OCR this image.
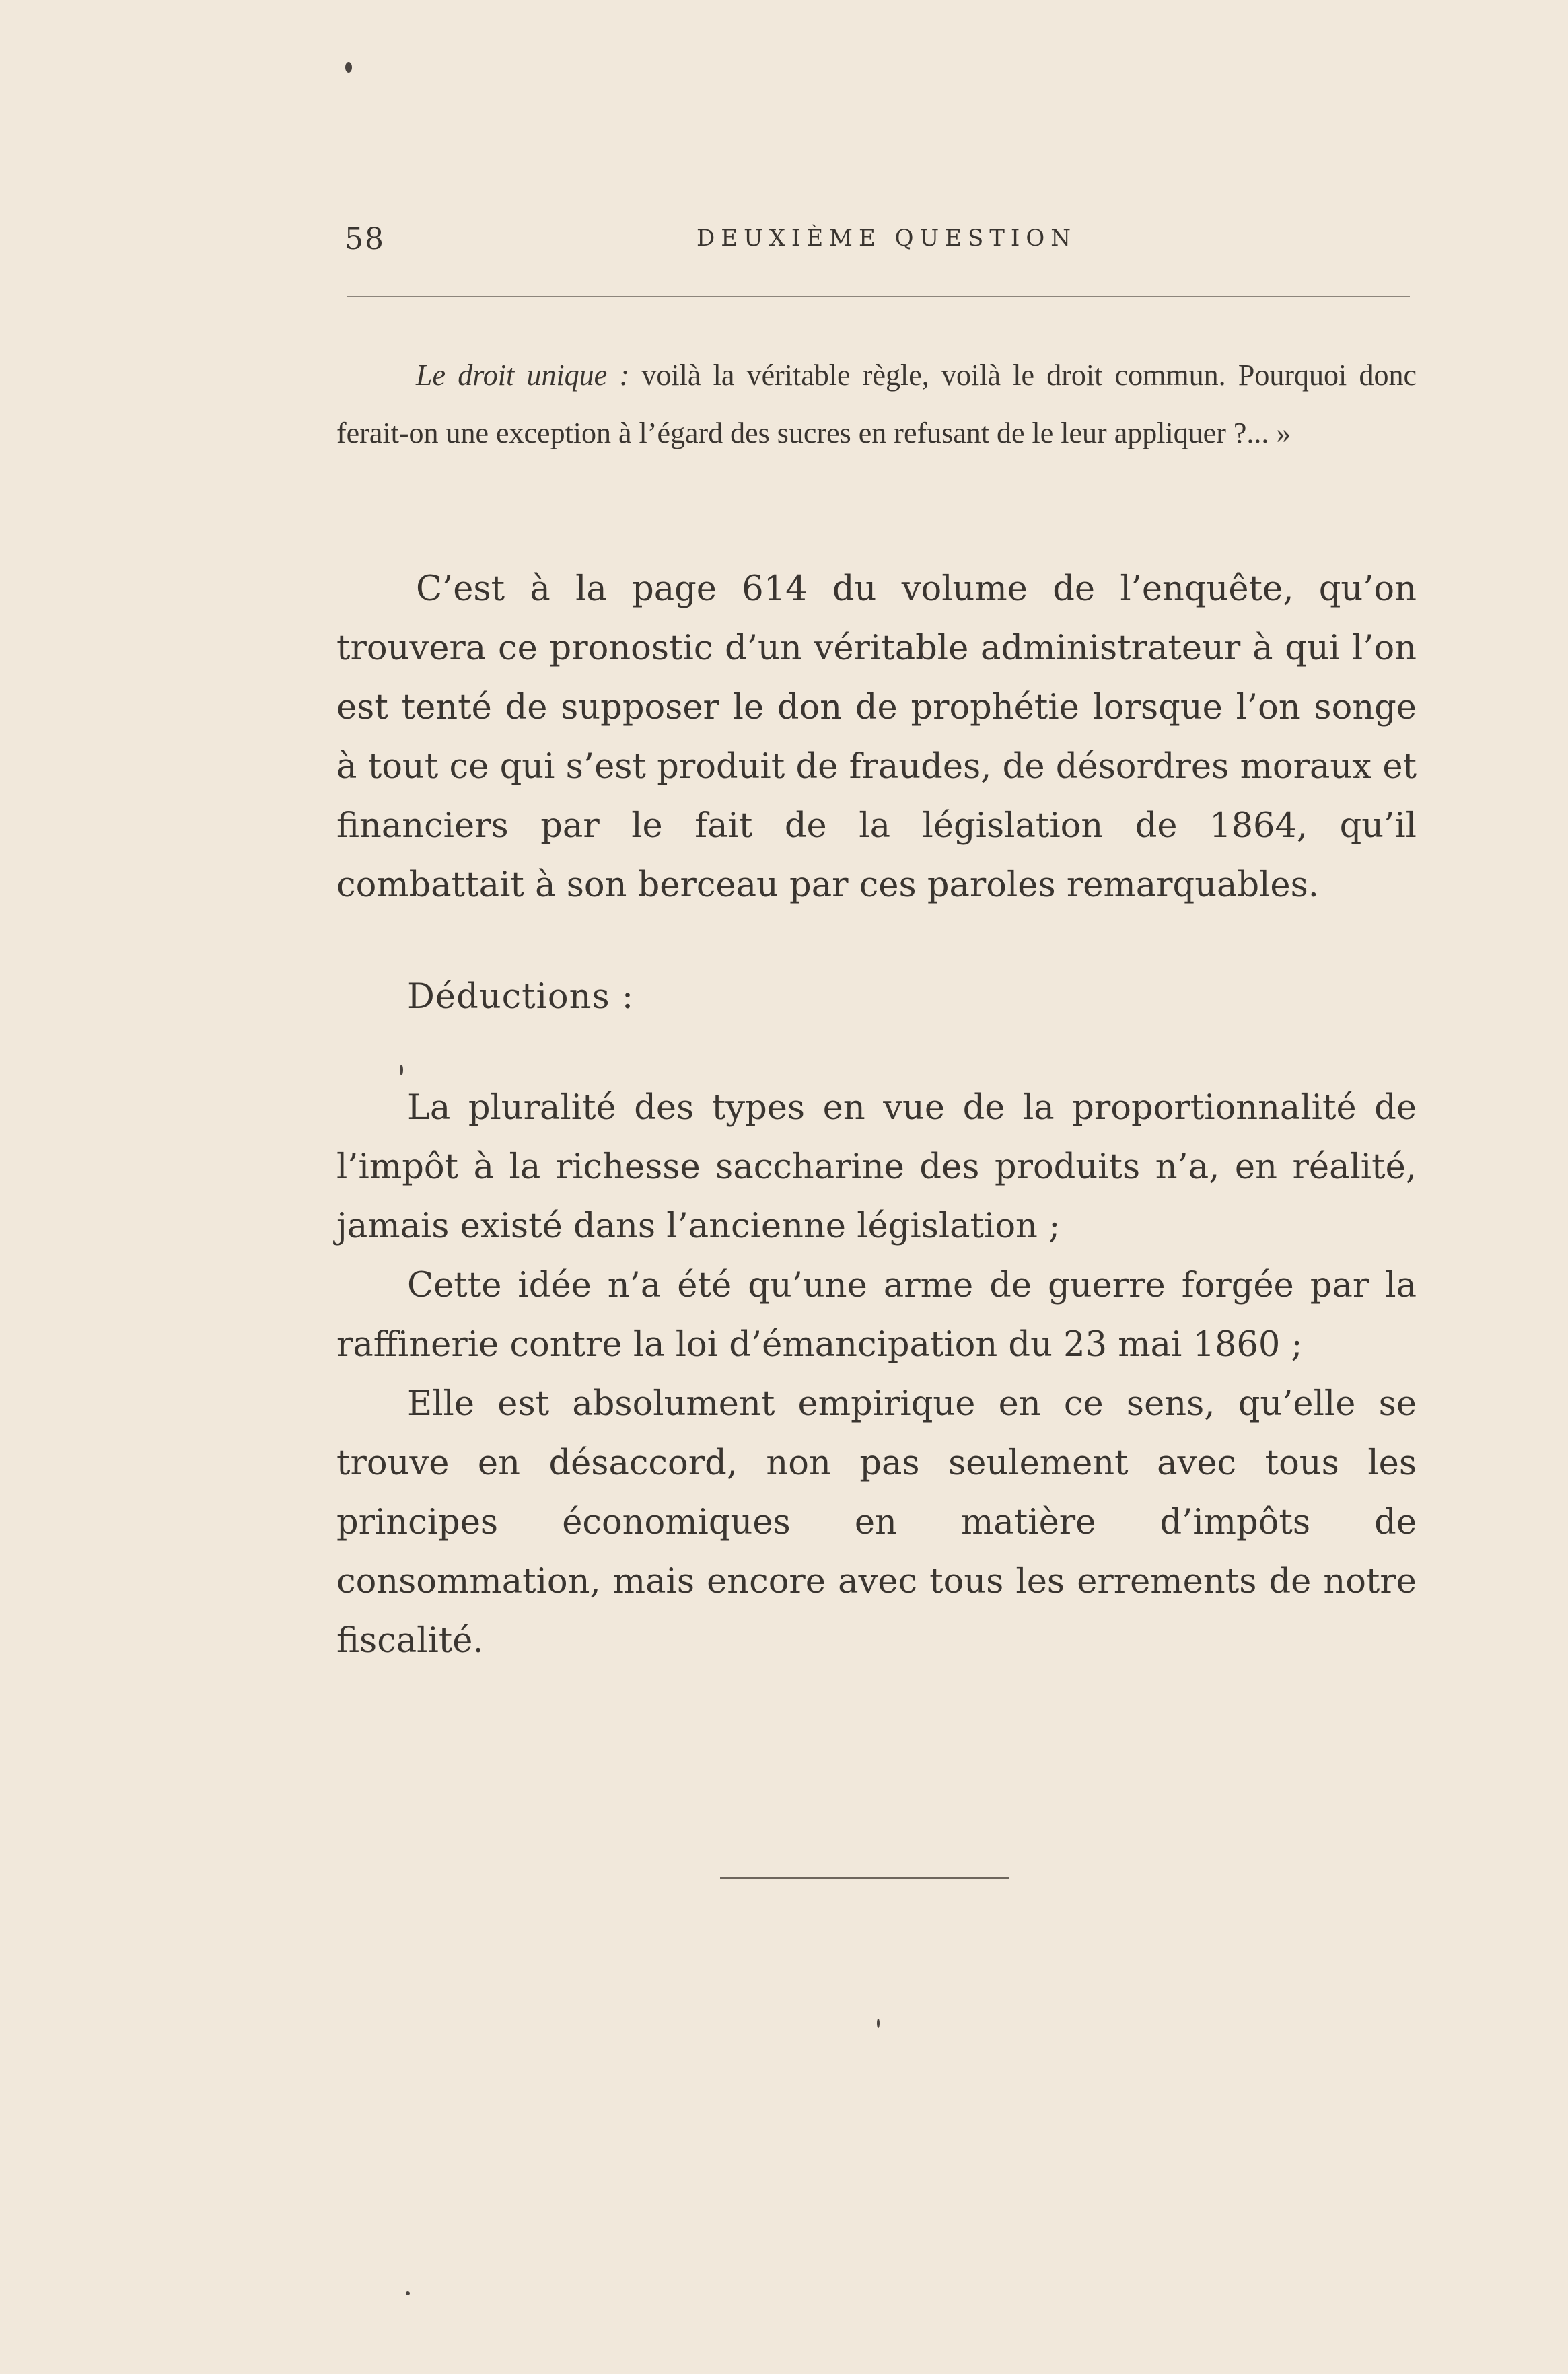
58	DEUXIÈME QUESTION

Le droit unique : voilà la véritable règle, voilà le droit commun. Pourquoi donc ferait-on une exception à l’égard des sucres en refusant de le leur appliquer ?... »

C’est à la page 614 du volume de l’enquête, qu’on trouvera ce pronostic d’un véritable administrateur à qui l’on est tenté de supposer le don de prophétie lorsque l’on songe à tout ce qui s’est produit de fraudes, de désordres moraux et financiers par le fait de la législation de 1864, qu’il combattait à son berceau par ces paroles remarquables.

Déductions :

La pluralité des types en vue de la proportionnalité de l’impôt à la richesse saccharine des produits n’a, en réalité, jamais existé dans l’ancienne législation ;

Cette idée n’a été qu’une arme de guerre forgée par la raffinerie contre la loi d’émancipation du 23 mai 1860 ;

Elle est absolument empirique en ce sens, qu’elle se trouve en désaccord, non pas seulement avec tous les principes économiques en matière d’impôts de consommation, mais encore avec tous les errements de notre fiscalité.
